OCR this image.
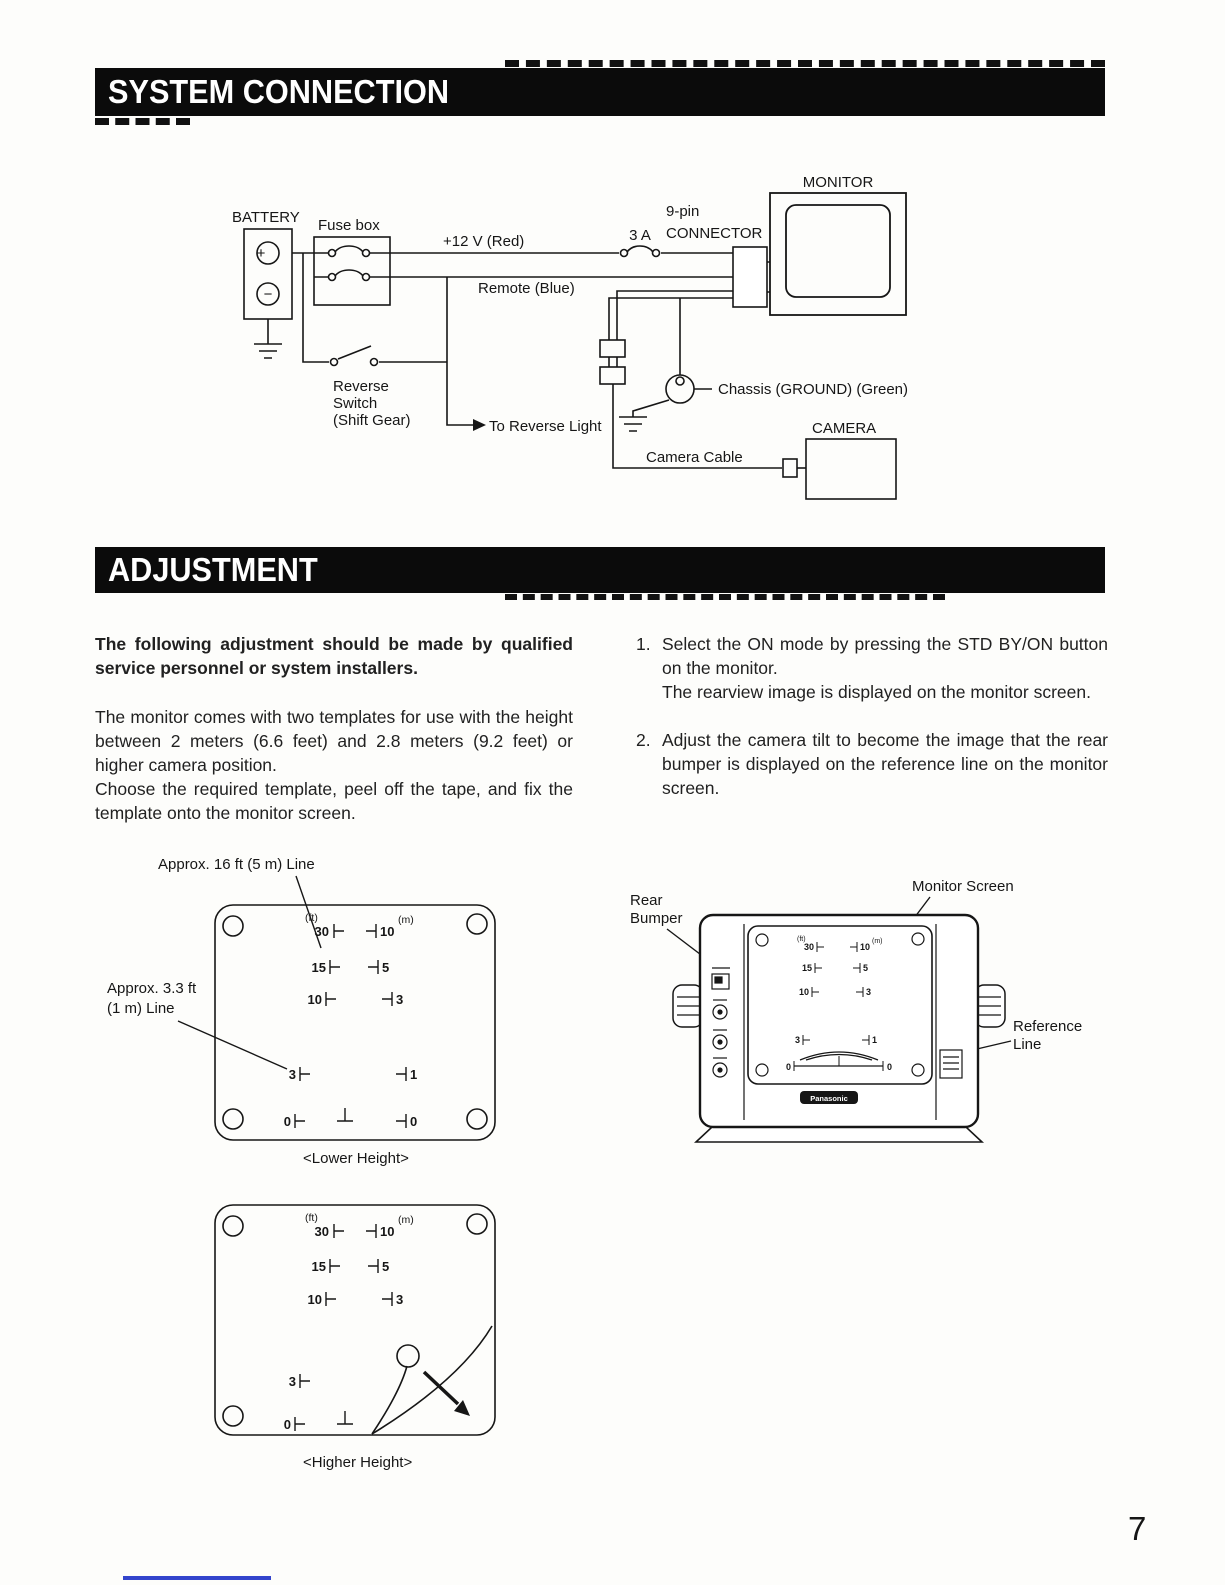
SYSTEM CONNECTION
+
−
MONITOR
BATTERY Fuse box
+12 V (Red)	3 A
9-pin
CONNECTOR
Remote (Blue)
Reverse
Switch
(Shift Gear)	To Reverse Light
Chassis (GROUND) (Green)
Camera Cable
CAMERA
ADJUSTMENT

The following adjustment should be made by qualified service personnel or system installers.

The monitor comes with two templates for use with the height between 2 meters (6.6 feet) and 2.8 meters (9.2 feet) or higher camera position.

Choose the required template, peel off the tape, and fix the template onto the monitor screen.

1. Select the ON mode by pressing the STD BY/ON button on the monitor.

The rearview image is displayed on the monitor screen.

2. Adjust the camera tilt to become the image that the rear bumper is displayed on the reference line on the monitor screen.

Approx. 16 ft (5 m) Line
Approx. 3.3 ft
(1 m) Line
(ft)
30	10
(m)
15	5
10	3
3	1
0	0
<Lower Height>
Monitor Screen
Rear
Bumper
Reference
Line
Panasonic
(ft)
30	10
(m)
15	5
10	3
3	1
0	0
(ft)
30	10
(m)
15	5
10	3
3
0
<Higher Height>
7
